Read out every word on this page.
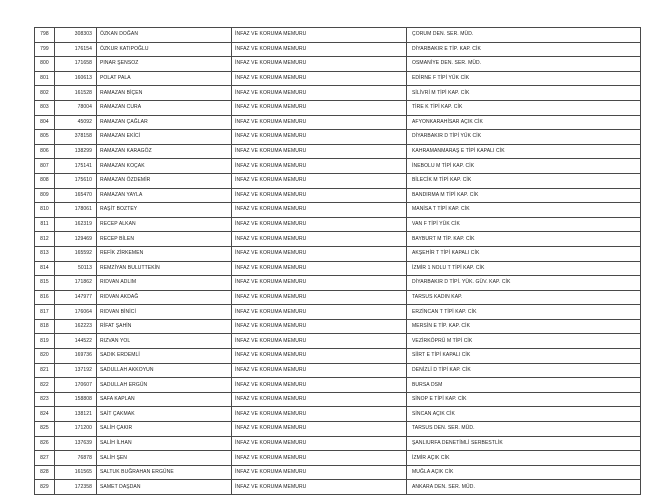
798	308303	ÖZKAN DOĞAN	İNFAZ VE KORUMA MEMURU	ÇORUM DEN. SER. MÜD.
799	176154	ÖZKUR KATIPOĞLU	İNFAZ VE KORUMA MEMURU	DİYARBAKIR E TİP. KAP. CİK
800	171658	PINAR ŞENSOZ	İNFAZ VE KORUMA MEMURU	OSMANİYE DEN. SER. MÜD.
801	160613	POLAT PALA	İNFAZ VE KORUMA MEMURU	EDİRNE F TİPİ YÜK CİK
802	161528	RAMAZAN BİÇEN	İNFAZ VE KORUMA MEMURU	SİLİVRİ M TİPİ KAP. CİK
803	78004	RAMAZAN CURA	İNFAZ VE KORUMA MEMURU	TİRE K TİPİ KAP. CİK
804	45092	RAMAZAN ÇAĞLAR	İNFAZ VE KORUMA MEMURU	AFYONKARAHİSAR AÇIK CİK
805	378158	RAMAZAN EKİCİ	İNFAZ VE KORUMA MEMURU	DİYARBAKIR D TİPİ YÜK CİK
806	138299	RAMAZAN KARAGÖZ	İNFAZ VE KORUMA MEMURU	KAHRAMANMARAŞ E TİPİ KAPALI CİK
807	175141	RAMAZAN KOÇAK	İNFAZ VE KORUMA MEMURU	İNEBOLU M TİPİ KAP. CİK
808	175610	RAMAZAN ÖZDEMİR	İNFAZ VE KORUMA MEMURU	BİLECİK M TİPİ KAP. CİK
809	165470	RAMAZAN YAYLA	İNFAZ VE KORUMA MEMURU	BANDIRMA M TİPİ KAP. CİK
810	178061	RAŞİT BOZTEY	İNFAZ VE KORUMA MEMURU	MANİSA T TİPİ KAP. CİK
811	162319	RECEP ALKAN	İNFAZ VE KORUMA MEMURU	VAN F TİPİ YÜK CİK
812	129469	RECEP BİLEN	İNFAZ VE KORUMA MEMURU	BAYBURT M TİP. KAP. CİK
813	165592	REFİK ZİRKEMEN	İNFAZ VE KORUMA MEMURU	AKŞEHİR T TİPİ KAPALI CİK
814	50113	REMZİYAN BULUTTEKİN	İNFAZ VE KORUMA MEMURU	İZMİR 1 NOLU T TİPİ KAP. CİK
815	171862	RIDVAN ADLIM	İNFAZ VE KORUMA MEMURU	DİYARBAKIR D TİPİ. YÜK. GÜV. KAP. CİK
816	147977	RIDVAN AKDAĞ	İNFAZ VE KORUMA MEMURU	TARSUS KADIN KAP.
817	176064	RIDVAN BİNİCİ	İNFAZ VE KORUMA MEMURU	ERZİNCAN T TİPİ KAP. CİK
818	162223	RİFAT ŞAHİN	İNFAZ VE KORUMA MEMURU	MERSİN E TİP. KAP. CİK
819	144522	RIZVAN YOL	İNFAZ VE KORUMA MEMURU	VEZİRKÖPRÜ M TİPİ CİK
820	169736	SADIK ERDEMLİ	İNFAZ VE KORUMA MEMURU	SİİRT E TİPİ KAPALI CİK
821	137192	SADULLAH AKKOYUN	İNFAZ VE KORUMA MEMURU	DENİZLİ D TİPİ KAP. CİK
822	170607	SADULLAH ERGÜN	İNFAZ VE KORUMA MEMURU	BURSA DSM
823	158808	SAFA KAPLAN	İNFAZ VE KORUMA MEMURU	SİNOP E TİPİ KAP. CİK
824	138121	SAİT ÇAKMAK	İNFAZ VE KORUMA MEMURU	SİNCAN AÇIK CİK
825	171200	SALİH ÇAKIR	İNFAZ VE KORUMA MEMURU	TARSUS DEN. SER. MÜD.
826	137639	SALİH İLHAN	İNFAZ VE KORUMA MEMURU	ŞANLIURFA DENETİMLİ SERBESTLİK
827	76878	SALİH ŞEN	İNFAZ VE KORUMA MEMURU	İZMİR AÇIK CİK
828	161565	SALTUK BUĞRAHAN ERGÜNE	İNFAZ VE KORUMA MEMURU	MUĞLA AÇIK CİK
829	172358	SAMET DAŞDAN	İNFAZ VE KORUMA MEMURU	ANKARA DEN. SER. MÜD.
